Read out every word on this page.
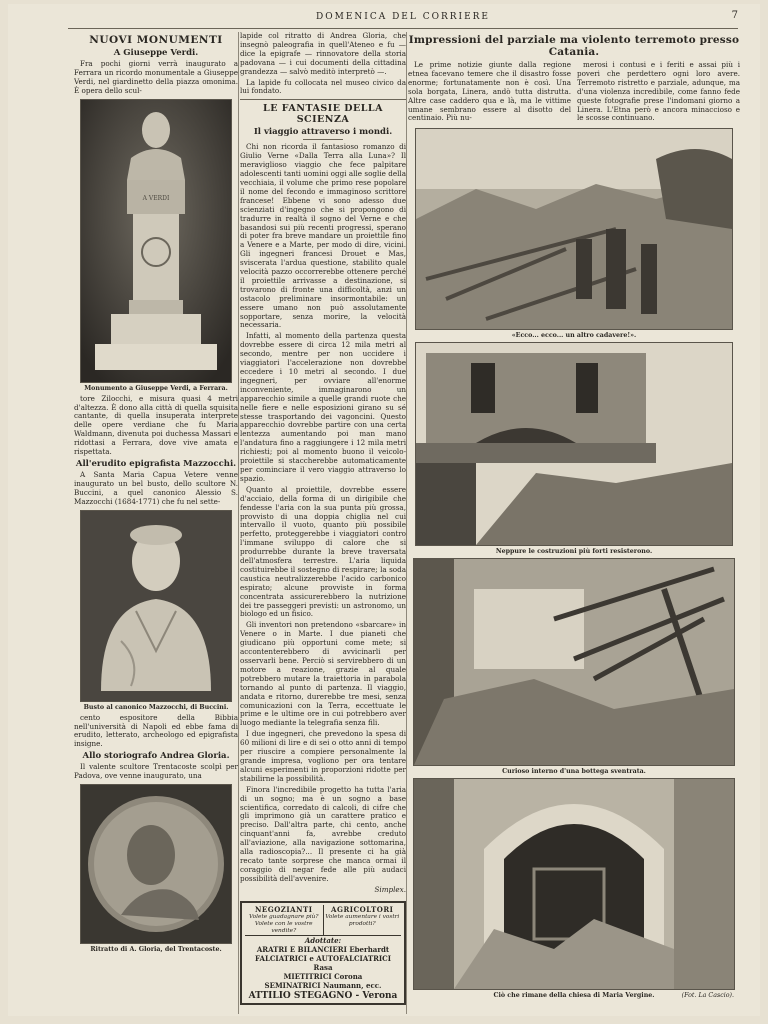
DOMENICA DEL CORRIERE	7
NUOVI MONUMENTI
A Giuseppe Verdi.

Fra pochi giorni verrà inaugurato a Ferrara un ricordo monumentale a Giuseppe Verdi, nel giardinetto della piazza omonima. È opera dello scul-

A VERDI
Monumento a Giuseppe Verdi, a Ferrara.

tore Zilocchi, e misura quasi 4 metri d'altezza. È dono alla città di quella squisita cantante, di quella insuperata interprete delle opere verdiane che fu Maria Waldmann, divenuta poi duchessa Massari e ridottasi a Ferrara, dove vive amata e rispettata.

All'erudito epigrafista Mazzocchi.

A Santa Maria Capua Vetere venne inaugurato un bel busto, dello scultore N. Buccini, a quel canonico Alessio S. Mazzocchi (1684-1771) che fu nel sette-

Busto al canonico Mazzocchi, di Buccini.

cento espositore della Bibbia nell'università di Napoli ed ebbe fama di erudito, letterato, archeologo ed epigrafista insigne.

Allo storiografo Andrea Gloria.

Il valente scultore Trentacoste scolpì per Padova, ove venne inaugurato, una

Ritratto di A. Gloria, del Trentacoste.

lapide col ritratto di Andrea Gloria, che insegnò paleografia in quell'Ateneo e fu — dice la epigrafe — rinnovatore della storia padovana — i cui documenti della cittadina grandezza — salvò meditò interpretò —.

La lapide fu collocata nel museo civico da lui fondato.

LE FANTASIE DELLA SCIENZA
Il viaggio attraverso i mondi.

Chi non ricorda il fantasioso romanzo di Giulio Verne «Dalla Terra alla Luna»? Il meraviglioso viaggio che fece palpitare adolescenti tanti uomini oggi alle soglie della vecchiaia, il volume che primo rese popolare il nome del fecondo e immaginoso scrittore francese! Ebbene vi sono adesso due scienziati d'ingegno che si propongono di tradurre in realtà il sogno del Verne e che basandosi sui più recenti progressi, sperano di poter fra breve mandare un proiettile fino a Venere e a Marte, per modo di dire, vicini. Gli ingegneri francesi Drouet e Mas, sviscerata l'ardua questione, stabilito quale velocità pazzo occorrerebbe ottenere perché il proiettile arrivasse a destinazione, si trovarono di fronte una difficoltà, anzi un ostacolo preliminare insormontabile: un essere umano non può assolutamente sopportare, senza morire, la velocità necessaria.

Infatti, al momento della partenza questa dovrebbe essere di circa 12 mila metri al secondo, mentre per non uccidere i viaggiatori l'accelerazione non dovrebbe eccedere i 10 metri al secondo. I due ingegneri, per ovviare all'enorme inconveniente, immaginarono un apparecchio simile a quelle grandi ruote che nelle fiere e nelle esposizioni girano su sé stesse trasportando dei vagoncini. Questo apparecchio dovrebbe partire con una certa lentezza aumentando poi man mano l'andatura fino a raggiungere i 12 mila metri richiesti; poi al momento buono il veicolo-proiettile si staccherebbe automaticamente per cominciare il vero viaggio attraverso lo spazio.

Quanto al proiettile, dovrebbe essere d'acciaio, della forma di un dirigibile che fendesse l'aria con la sua punta più grossa, provvisto di una doppia chiglia nel cui intervallo il vuoto, quanto più possibile perfetto, proteggerebbe i viaggiatori contro l'immane sviluppo di calore che si produrrebbe durante la breve traversata dell'atmosfera terrestre. L'aria liquida costituirebbe il sostegno di respirare; la soda caustica neutralizzerebbe l'acido carbonico espirato; alcune provviste in forma concentrata assicurerebbero la nutrizione dei tre passeggeri previsti: un astronomo, un biologo ed un fisico.

Gli inventori non pretendono «sbarcare» in Venere o in Marte. I due pianeti che giudicano più opportuni come mete; si accontenterebbero di avvicinarli per osservarli bene. Perciò si servirebbero di un motore a reazione, grazie al quale potrebbero mutare la traiettoria in parabola tornando al punto di partenza. Il viaggio, andata e ritorno, durerebbe tre mesi, senza comunicazioni con la Terra, eccettuate le prime e le ultime ore in cui potrebbero aver luogo mediante la telegrafia senza fili.

I due ingegneri, che prevedono la spesa di 60 milioni di lire e di sei o otto anni di tempo per riuscire a compiere personalmente la grande impresa, vogliono per ora tentare alcuni esperimenti in proporzioni ridotte per stabilirne la possibilità.

Finora l'incredibile progetto ha tutta l'aria di un sogno; ma è un sogno a base scientifica, corredato di calcoli, di cifre che gli imprimono già un carattere pratico e preciso. Dall'altra parte, chi cento, anche cinquant'anni fa, avrebbe creduto all'aviazione, alla navigazione sottomarina, alla radioscopia?... Il presente ci ha già recato tante sorprese che manca ormai il coraggio di negar fede alle più audaci possibilità dell'avvenire.

Simplex.

NEGOZIANTI
Volete guadagnare più? Volete con le vostre vendite?
AGRICOLTORI
Volete aumentare i vostri prodotti?
Adottate:
ARATRI E BILANCIERI Eberhardt
FALCIATRICI e AUTOFALCIATRICI Rasa
MIETITRICI Corona
SEMINATRICI Naumann, ecc.
ATTILIO STEGAGNO - Verona
Impressioni del parziale ma violento terremoto presso Catania.

Le prime notizie giunte dalla regione etnea facevano temere che il disastro fosse enorme; fortunatamente non è così. Una sola borgata, Linera, andò tutta distrutta. Altre case caddero qua e là, ma le vittime umane sembrano essere al disotto del centinaio. Più nu-

merosi i contusi e i feriti e assai più i poveri che perdettero ogni loro avere. Terremoto ristretto e parziale, adunque, ma d'una violenza incredibile, come fanno fede queste fotografie prese l'indomani giorno a Linera. L'Etna però e ancora minaccioso e le scosse continuano.

«Ecco... ecco... un altro cadavere!».
Neppure le costruzioni più forti resisterono.
Curioso interno d'una bottega sventrata.
Ciò che rimane della chiesa di Maria Vergine.	(Fot. La Cascio).
